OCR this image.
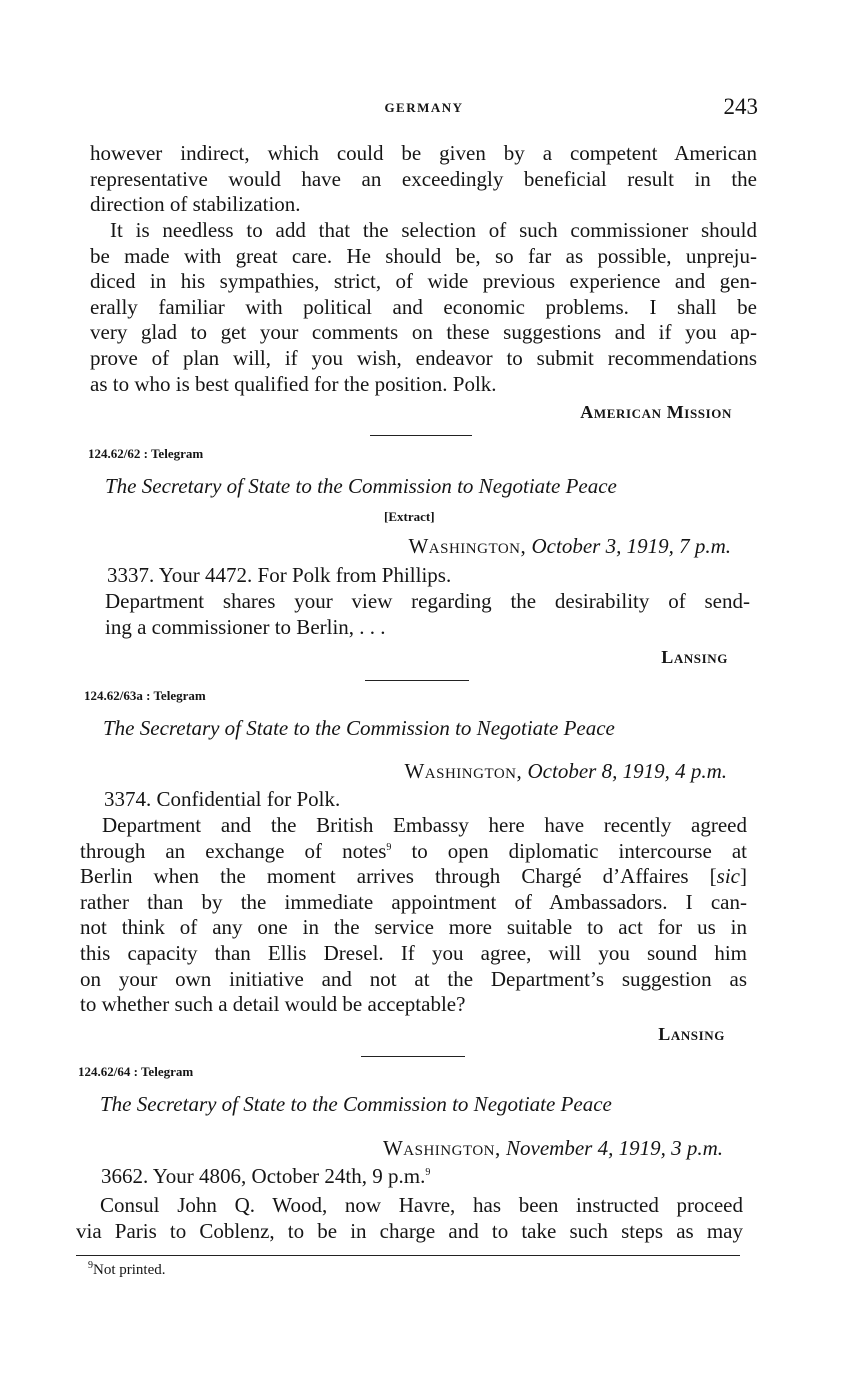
GERMANY	243
however indirect, which could be given by a competent American
representative would have an exceedingly beneficial result in the
direction of stabilization.
It is needless to add that the selection of such commissioner should
be made with great care. He should be, so far as possible, unpreju-
diced in his sympathies, strict, of wide previous experience and gen-
erally familiar with political and economic problems. I shall be
very glad to get your comments on these suggestions and if you ap-
prove of plan will, if you wish, endeavor to submit recommendations
as to who is best qualified for the position. Polk.
American Mission
124.62/62 : Telegram
The Secretary of State to the Commission to Negotiate Peace
[Extract]
Washington, October 3, 1919, 7 p.m.
3337. Your 4472. For Polk from Phillips.
Department shares your view regarding the desirability of send-
ing a commissioner to Berlin, . . .
Lansing
124.62/63a : Telegram
The Secretary of State to the Commission to Negotiate Peace
Washington, October 8, 1919, 4 p.m.
3374. Confidential for Polk.
Department and the British Embassy here have recently agreed
through an exchange of notes$^9$ to open diplomatic intercourse at
Berlin when the moment arrives through Chargé d’Affaires [sic]
rather than by the immediate appointment of Ambassadors. I can-
not think of any one in the service more suitable to act for us in
this capacity than Ellis Dresel. If you agree, will you sound him
on your own initiative and not at the Department’s suggestion as
to whether such a detail would be acceptable?
Lansing
124.62/64 : Telegram
The Secretary of State to the Commission to Negotiate Peace
Washington, November 4, 1919, 3 p.m.
3662. Your 4806, October 24th, 9 p.m.$^9$
Consul John Q. Wood, now Havre, has been instructed proceed
via Paris to Coblenz, to be in charge and to take such steps as may
$^9$Not printed.
